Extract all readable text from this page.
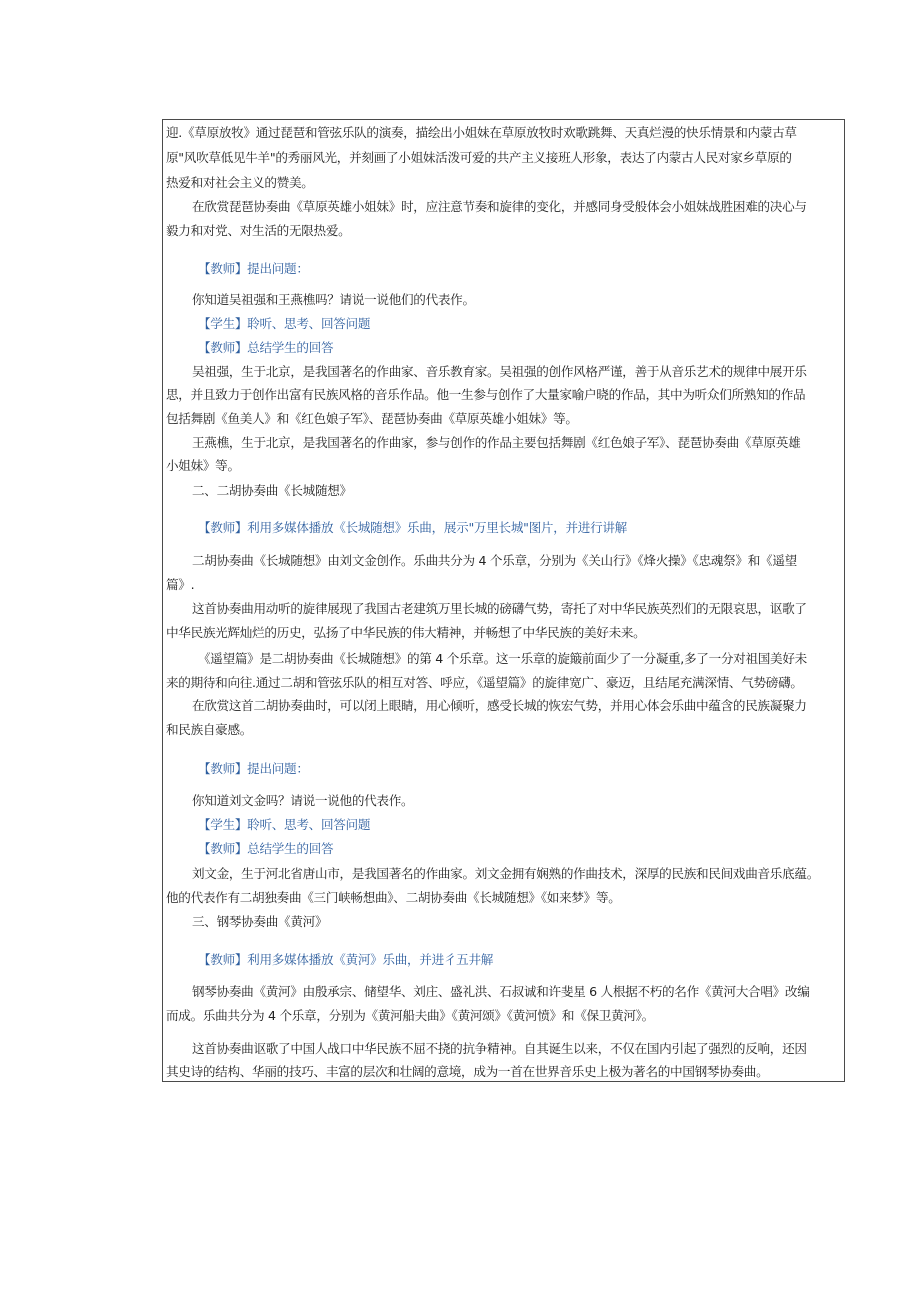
迎.《草原放牧》通过琵琶和管弦乐队的演奏，描绘出小姐妹在草原放牧时欢歌跳舞、天真烂漫的快乐情景和内蒙古草
原"风吹草低见牛羊"的秀丽风光，并刻画了小姐妹活泼可爱的共产主义接班人形象，表达了内蒙古人民对家乡草原的
热爱和对社会主义的赞美。
在欣赏琵琶协奏曲《草原英雄小姐妹》时，应注意节奏和旋律的变化，并感同身受般体会小姐妹战胜困难的决心与
毅力和对党、对生活的无限热爱。
【教师】提出问题：
你知道吴祖强和王燕樵吗？请说一说他们的代表作。
【学生】聆听、思考、回答问题
【教师】总结学生的回答
吴祖强，生于北京，是我国著名的作曲家、音乐教育家。吴祖强的创作风格严谨，善于从音乐艺术的规律中展开乐
思，并且致力于创作出富有民族风格的音乐作品。他一生参与创作了大量家喻户晓的作品，其中为听众们所熟知的作品
包括舞剧《鱼美人》和《红色娘子军》、琵琶协奏曲《草原英雄小姐妹》等。
王燕樵，生于北京，是我国著名的作曲家，参与创作的作品主要包括舞剧《红色娘子军》、琵琶协奏曲《草原英雄
小姐妹》等。
二、二胡协奏曲《长城随想》
【教师】利用多媒体播放《长城随想》乐曲，展示"万里长城"图片，并进行讲解
二胡协奏曲《长城随想》由刘文金创作。乐曲共分为 4 个乐章，分别为《关山行》《烽火操》《忠魂祭》和《遥望
篇》.
这首协奏曲用动听的旋律展现了我国古老建筑万里长城的磅礴气势，寄托了对中华民族英烈们的无限哀思，讴歌了
中华民族光辉灿烂的历史，弘扬了中华民族的伟大精神，并畅想了中华民族的美好未来。
《遥望篇》是二胡协奏曲《长城随想》的第 4 个乐章。这一乐章的旋簸前面少了一分凝重,多了一分对祖国美好未
来的期待和向往.通过二胡和管弦乐队的相互对答、呼应，《遥望篇》的旋律宽广、豪迈，且结尾充满深情、气势磅礴。
在欣赏这首二胡协奏曲时，可以闭上眼睛，用心倾听，感受长城的恢宏气势，并用心体会乐曲中蕴含的民族凝聚力
和民族自豪感。
【教师】提出问题：
你知道刘文金吗？请说一说他的代表作。
【学生】聆听、思考、回答问题
【教师】总结学生的回答
刘文金，生于河北省唐山市，是我国著名的作曲家。刘文金拥有娴熟的作曲技术，深厚的民族和民间戏曲音乐底蕴。
他的代表作有二胡独奏曲《三门峡畅想曲》、二胡协奏曲《长城随想》《如来梦》等。
三、钢琴协奏曲《黄河》
【教师】利用多媒体播放《黄河》乐曲，并进彳五井解
钢琴协奏曲《黄河》由殷承宗、储望华、刘庄、盛礼洪、石叔诚和许斐星 6 人根据不朽的名作《黄河大合唱》改编
而成。乐曲共分为 4 个乐章，分别为《黄河船夫曲》《黄河颂》《黄河愤》和《保卫黄河》。
这首协奏曲讴歌了中国人战口中华民族不屈不挠的抗争精神。自其诞生以来，不仅在国内引起了强烈的反响，还因
其史诗的结构、华丽的技巧、丰富的层次和壮阔的意境，成为一首在世界音乐史上极为著名的中国钢琴协奏曲。
